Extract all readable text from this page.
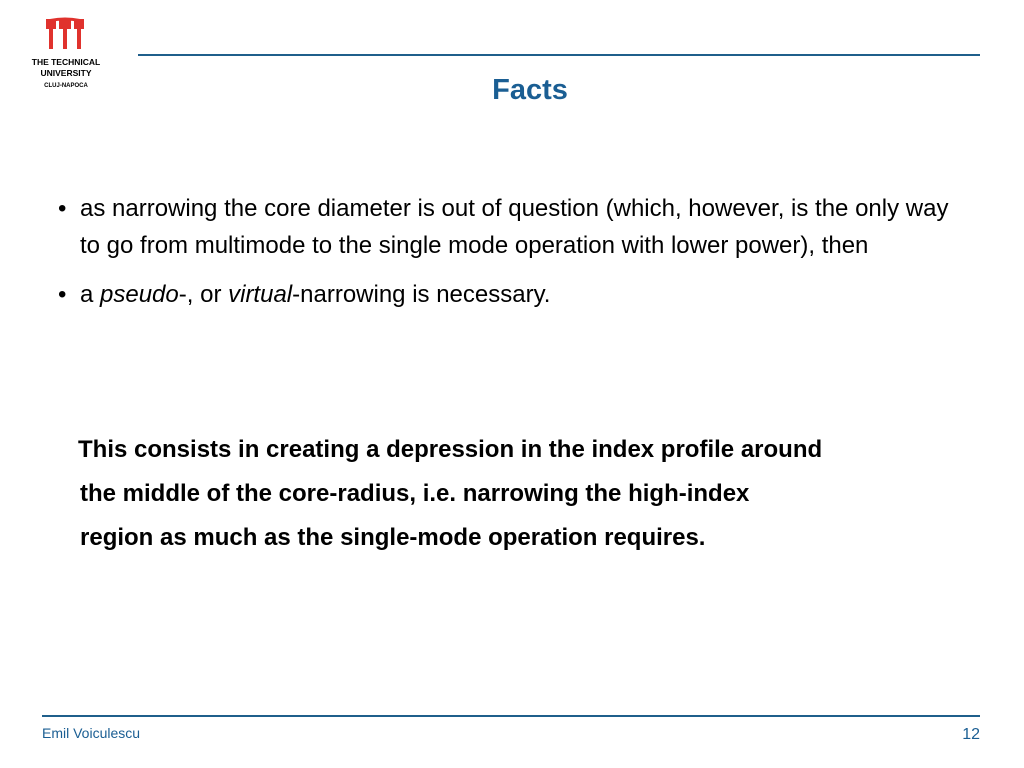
THE TECHNICAL
UNIVERSITY
CLUJ-NAPOCA	Facts
• as narrowing the core diameter is out of question (which, however, is the only way to go from multimode to the single mode operation with lower power), then
• a pseudo-, or virtual-narrowing is necessary.
This consists in creating a depression in the index profile around
the middle of the core-radius, i.e. narrowing the high-index
region as much as the single-mode operation requires.
Emil Voiculescu	12
